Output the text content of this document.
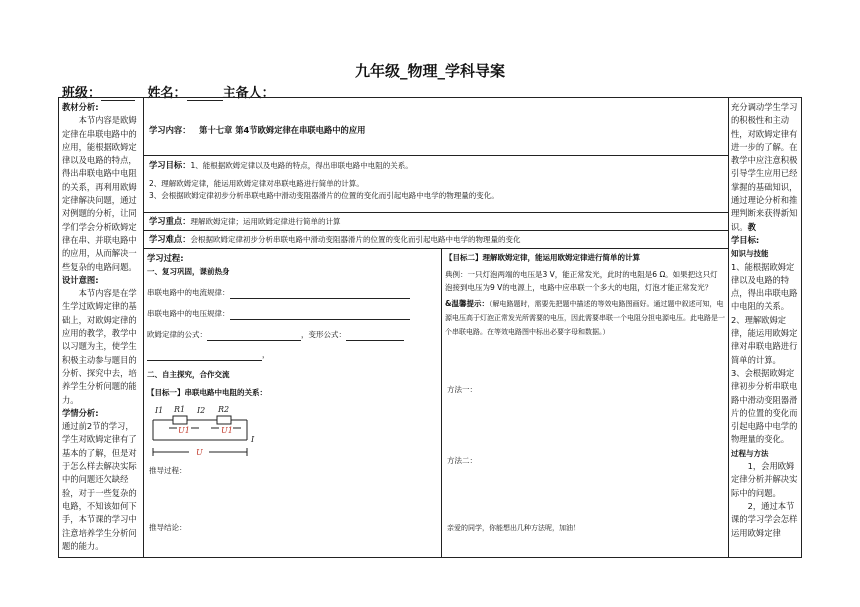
九年级_物理_学科导案
班级：	姓名：	主备人：
教材分析:
本节内容是欧姆定律在串联电路中的应用，能根据欧姆定律以及电路的特点，得出串联电路中电阻的关系，再利用欧姆定律解决问题，通过对例题的分析，让同学们学会分析欧姆定律在串、并联电路中的应用，从而解决一些复杂的电路问题。
设计意图:
本节内容是在学生学过欧姆定律的基础上，对欧姆定律的应用的教学，教学中以习题为主，使学生积极主动参与题目的分析、探究中去，培养学生分析问题的能力。
学情分析:
通过前2节的学习，学生对欧姆定律有了基本的了解，但是对于怎么样去解决实际中的问题还欠缺经验，对于一些复杂的电路，不知该如何下手，本节课的学习中注意培养学生分析问题的能力。
学习内容： 第十七章 第4节欧姆定律在串联电路中的应用
学习目标：1、能根据欧姆定律以及电路的特点，得出串联电路中电阻的关系。
2、理解欧姆定律，能运用欧姆定律对串联电路进行简单的计算。
3、会根据欧姆定律初步分析串联电路中滑动变阻器滑片的位置的变化而引起电路中电学的物理量的变化。
学习重点：理解欧姆定律；运用欧姆定律进行简单的计算
学习难点：会根据欧姆定律初步分析串联电路中滑动变阻器滑片的位置的变化而引起电路中电学的物理量的变化
学习过程:
一、复习巩固，课前热身
串联电路中的电流规律：
串联电路中的电压规律：
欧姆定律的公式：	，变形公式：
，
二、自主探究，合作交流
【目标一】串联电路中电阻的关系：
I1 R1 I2 R2
U1	U1
I
U
推导过程：
推导结论：
【目标二】理解欧姆定律，能运用欧姆定律进行简单的计算
典例：一只灯泡两端的电压是3 V，能正常发光，此时的电阻是6 Ω。如果把这只灯泡接到电压为9 V的电源上，电路中应串联一个多大的电阻，灯泡才能正常发光？
&温馨提示：（解电路题时，需要先把题中描述的等效电路图画好。通过题中叙述可知，电源电压高于灯泡正常发光所需要的电压，因此需要串联一个电阻分担电源电压。此电路是一个串联电路。在等效电路图中标出必要字母和数据。）
方法一：
方法二：
亲爱的同学，你能想出几种方法呢，加油！
充分调动学生学习的积极性和主动性，对欧姆定律有进一步的了解。在教学中应注意积极引导学生应用已经掌握的基础知识，通过理论分析和推理判断来获得新知识。教
学目标:
知识与技能
1、能根据欧姆定律以及电路的特点，得出串联电路中电阻的关系。
2、理解欧姆定律，能运用欧姆定律对串联电路进行简单的计算。
3、会根据欧姆定律初步分析串联电路中滑动变阻器滑片的位置的变化而引起电路中电学的物理量的变化。
过程与方法
1，会用欧姆定律分析并解决实际中的问题。
2，通过本节课的学习学会怎样运用欧姆定律
